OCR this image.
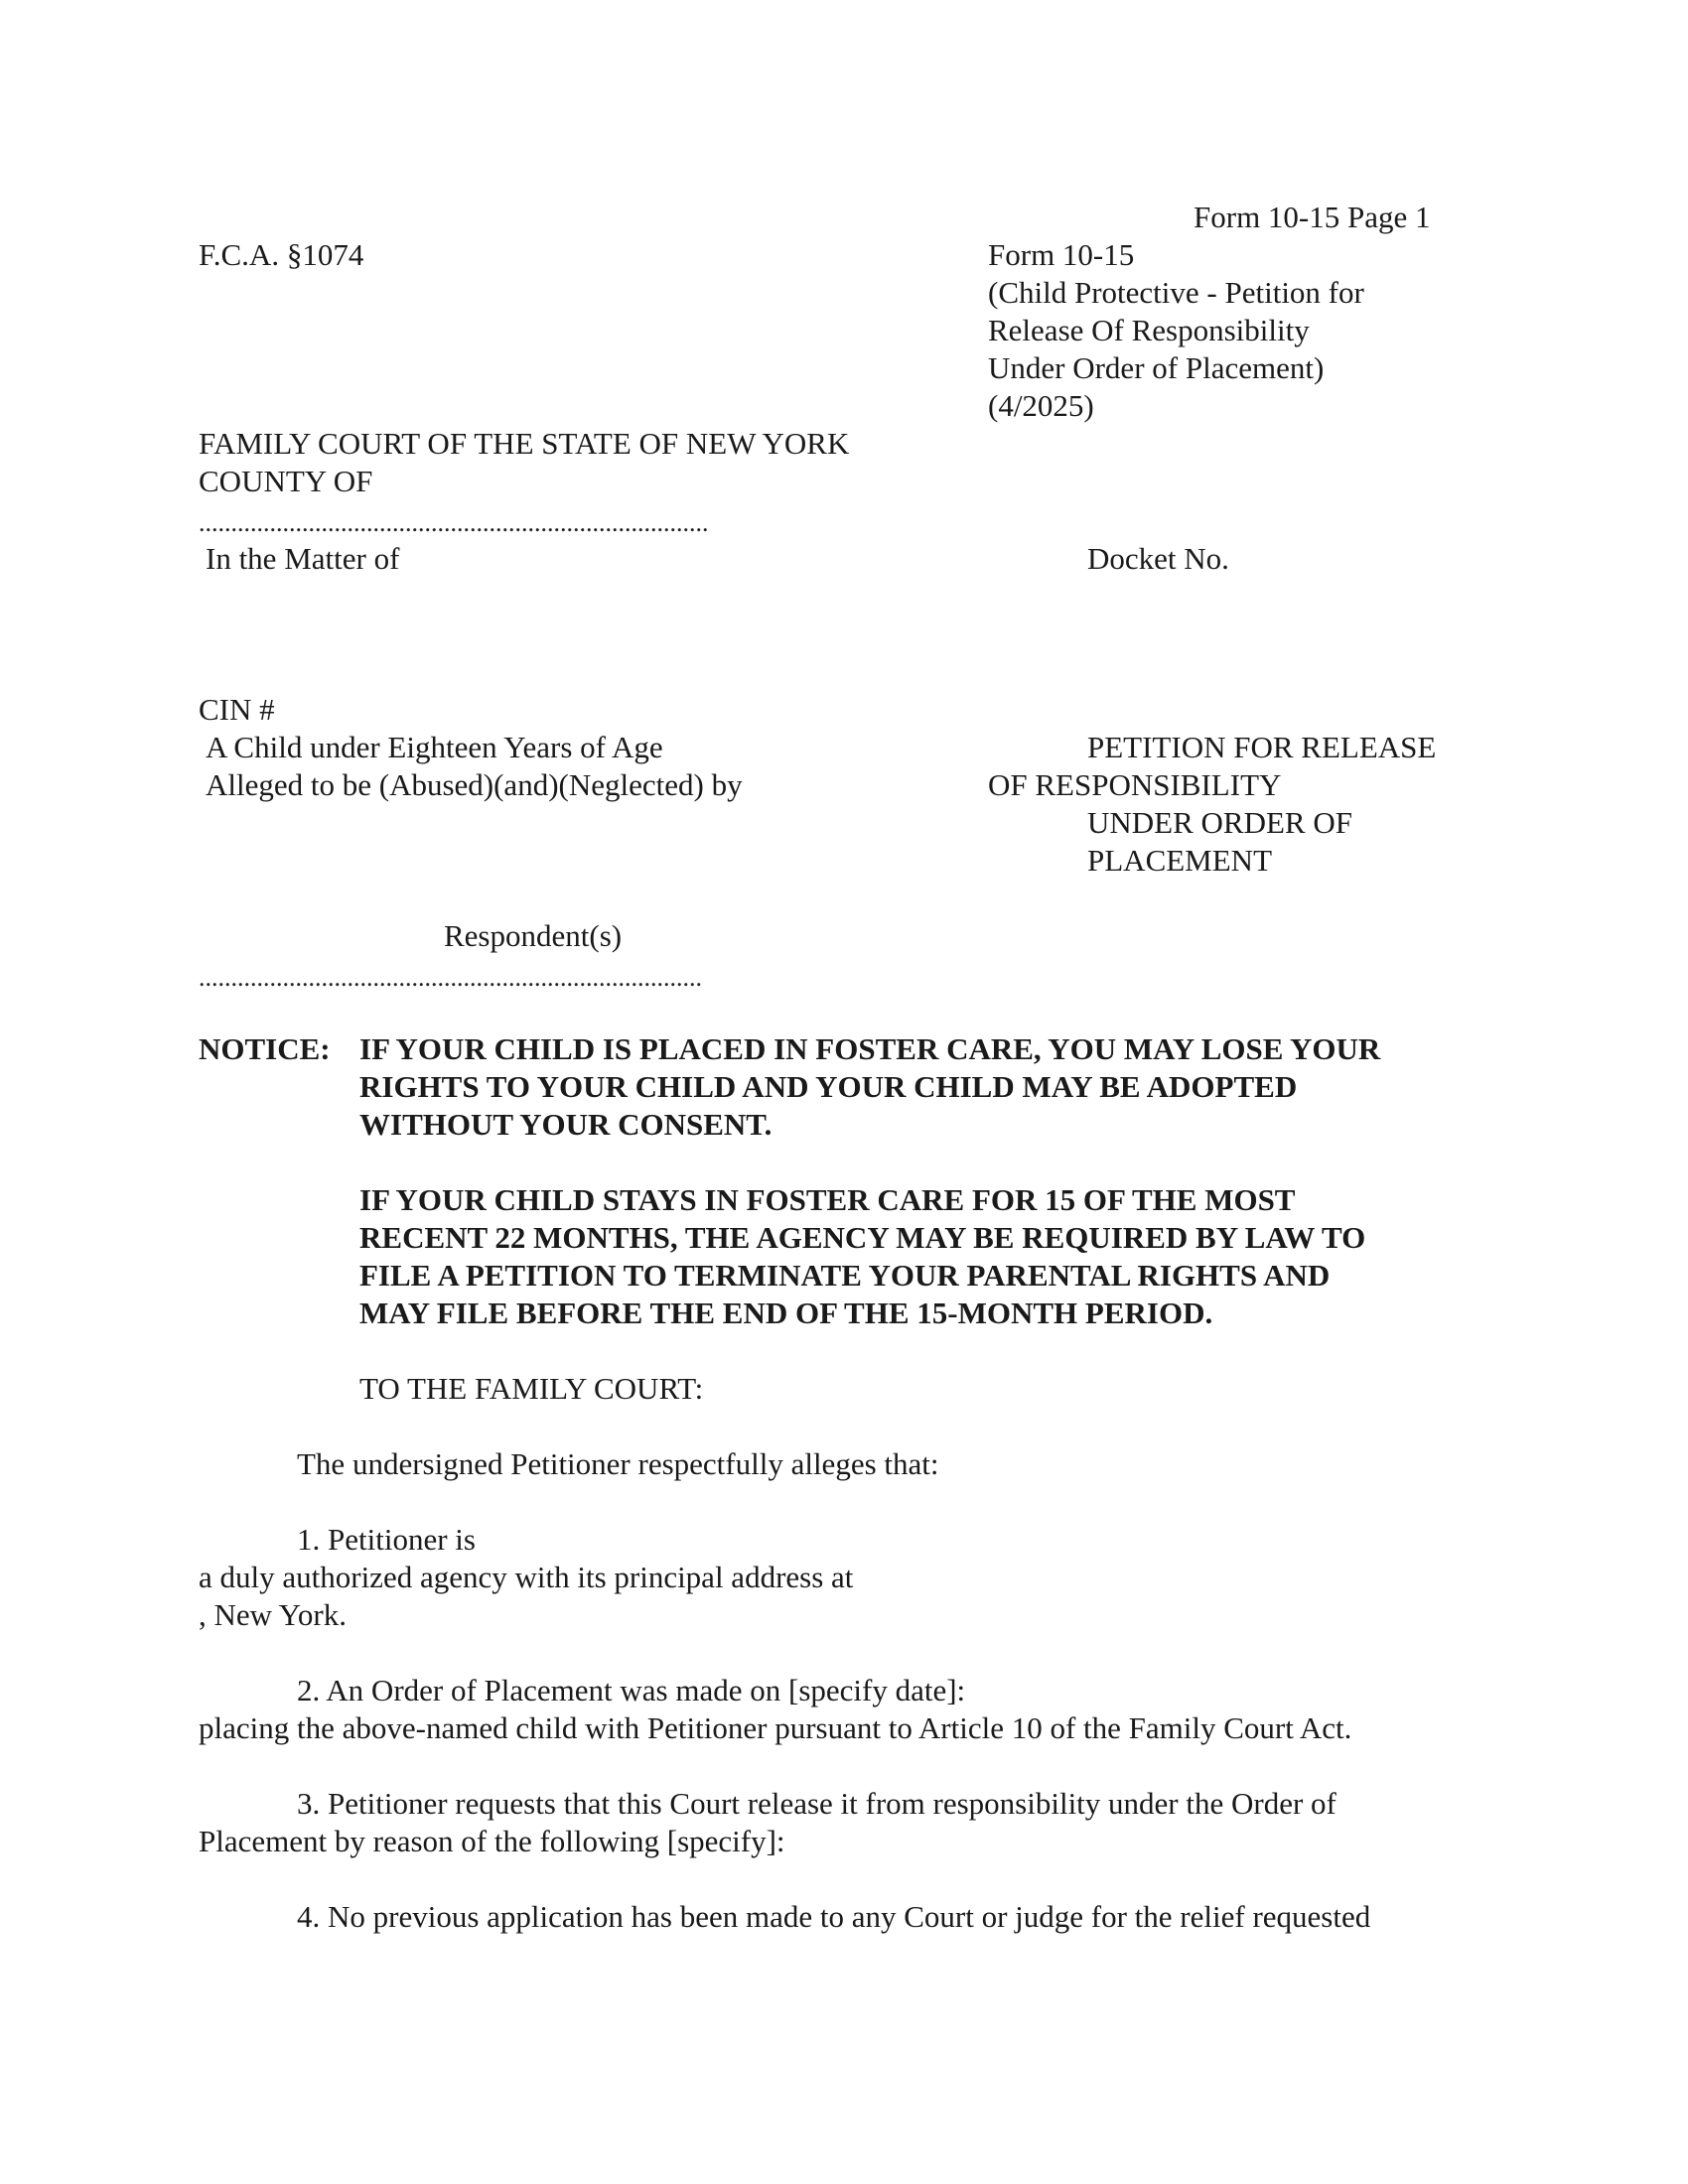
Form 10-15 Page 1
F.C.A. §1074	Form 10-15
(Child Protective - Petition for
Release Of Responsibility
Under Order of Placement)
(4/2025)
FAMILY COURT OF THE STATE OF NEW YORK
COUNTY OF
...............................................................................
In the Matter of	Docket No.
CIN #
A Child under Eighteen Years of Age
Alleged to be (Abused)(and)(Neglected) by
PETITION FOR RELEASE
OF RESPONSIBILITY
UNDER ORDER OF
PLACEMENT
Respondent(s)
..............................................................................
NOTICE: IF YOUR CHILD IS PLACED IN FOSTER CARE, YOU MAY LOSE YOUR
RIGHTS TO YOUR CHILD AND YOUR CHILD MAY BE ADOPTED
WITHOUT YOUR CONSENT.
IF YOUR CHILD STAYS IN FOSTER CARE FOR 15 OF THE MOST
RECENT 22 MONTHS, THE AGENCY MAY BE REQUIRED BY LAW TO
FILE A PETITION TO TERMINATE YOUR PARENTAL RIGHTS AND
MAY FILE BEFORE THE END OF THE 15-MONTH PERIOD.
TO THE FAMILY COURT:
The undersigned Petitioner respectfully alleges that:
1. Petitioner is
a duly authorized agency with its principal address at
, New York.
2. An Order of Placement was made on [specify date]:
placing the above-named child with Petitioner pursuant to Article 10 of the Family Court Act.
3. Petitioner requests that this Court release it from responsibility under the Order of
Placement by reason of the following [specify]:
4. No previous application has been made to any Court or judge for the relief requested
